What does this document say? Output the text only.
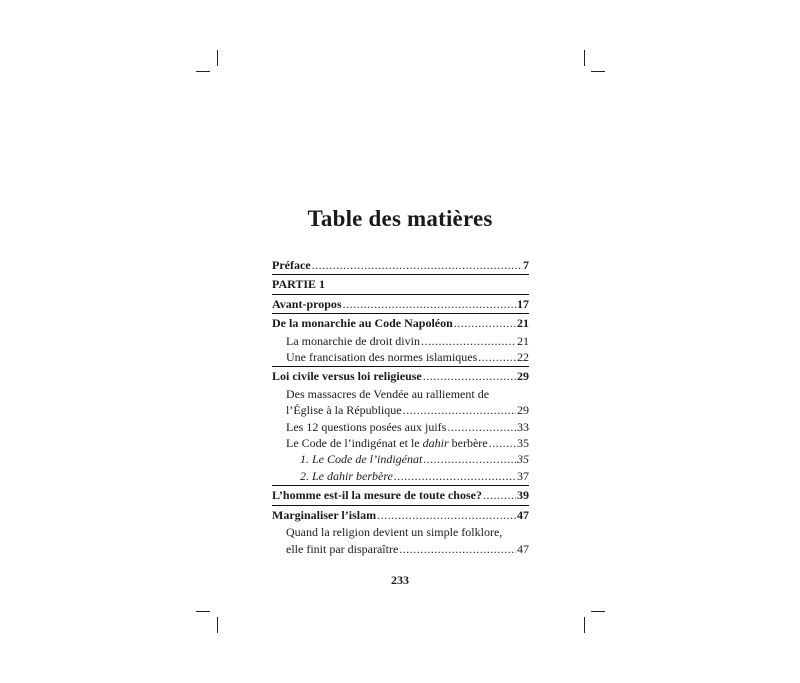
Table des matières
Préface .....	7
PARTIE 1
Avant-propos .....	17
De la monarchie au Code Napoléon .....	21
La monarchie de droit divin .....	21
Une francisation des normes islamiques .....	22
Loi civile versus loi religieuse .....	29
Des massacres de Vendée au ralliement de
l’Église à la République .....	29
Les 12 questions posées aux juifs .....	33
Le Code de l’indigénat et le dahir berbère ..... 35
1. Le Code de l’indigénat .....	35
2. Le dahir berbère .....	37
L’homme est-il la mesure de toute chose? .....	39
Marginaliser l’islam .....	47
Quand la religion devient un simple folklore,
elle finit par disparaître .....	47
233
